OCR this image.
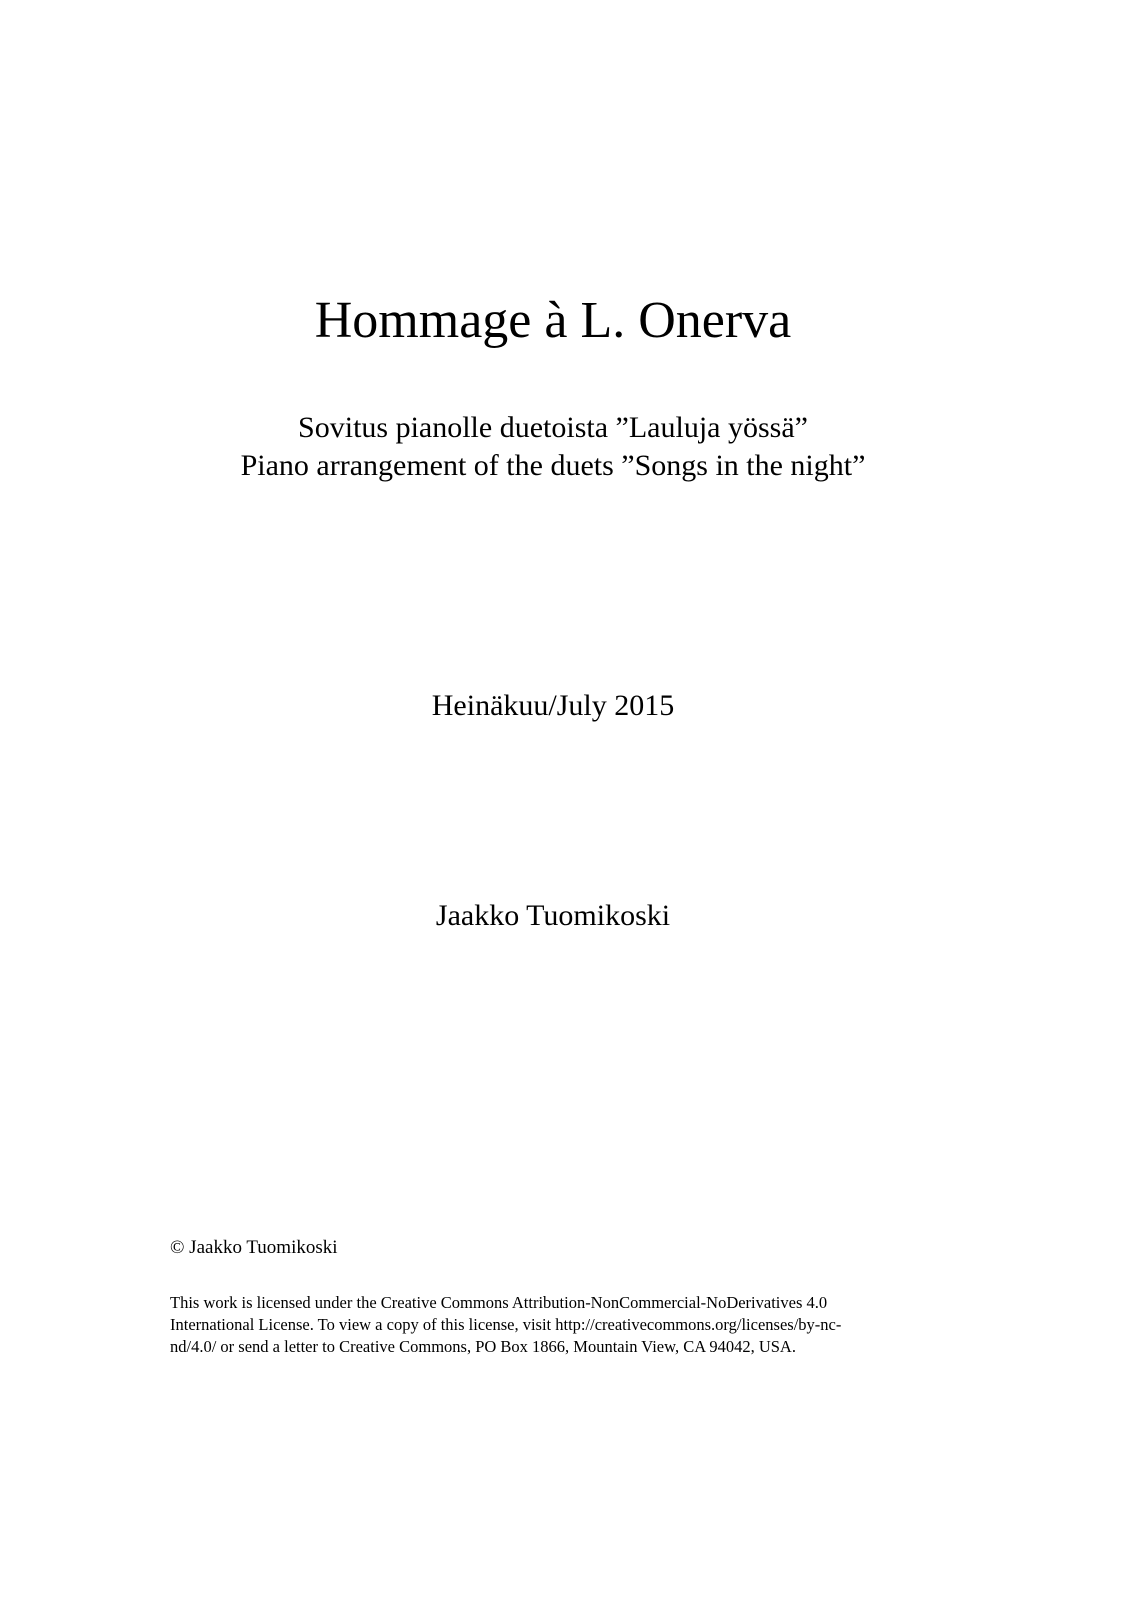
Hommage à L. Onerva
Sovitus pianolle duetoista ”Lauluja yössä”
Piano arrangement of the duets ”Songs in the night”
Heinäkuu/July 2015
Jaakko Tuomikoski
© Jaakko Tuomikoski
This work is licensed under the Creative Commons Attribution-NonCommercial-NoDerivatives 4.0
International License. To view a copy of this license, visit http://creativecommons.org/licenses/by-nc-
nd/4.0/ or send a letter to Creative Commons, PO Box 1866, Mountain View, CA 94042, USA.
